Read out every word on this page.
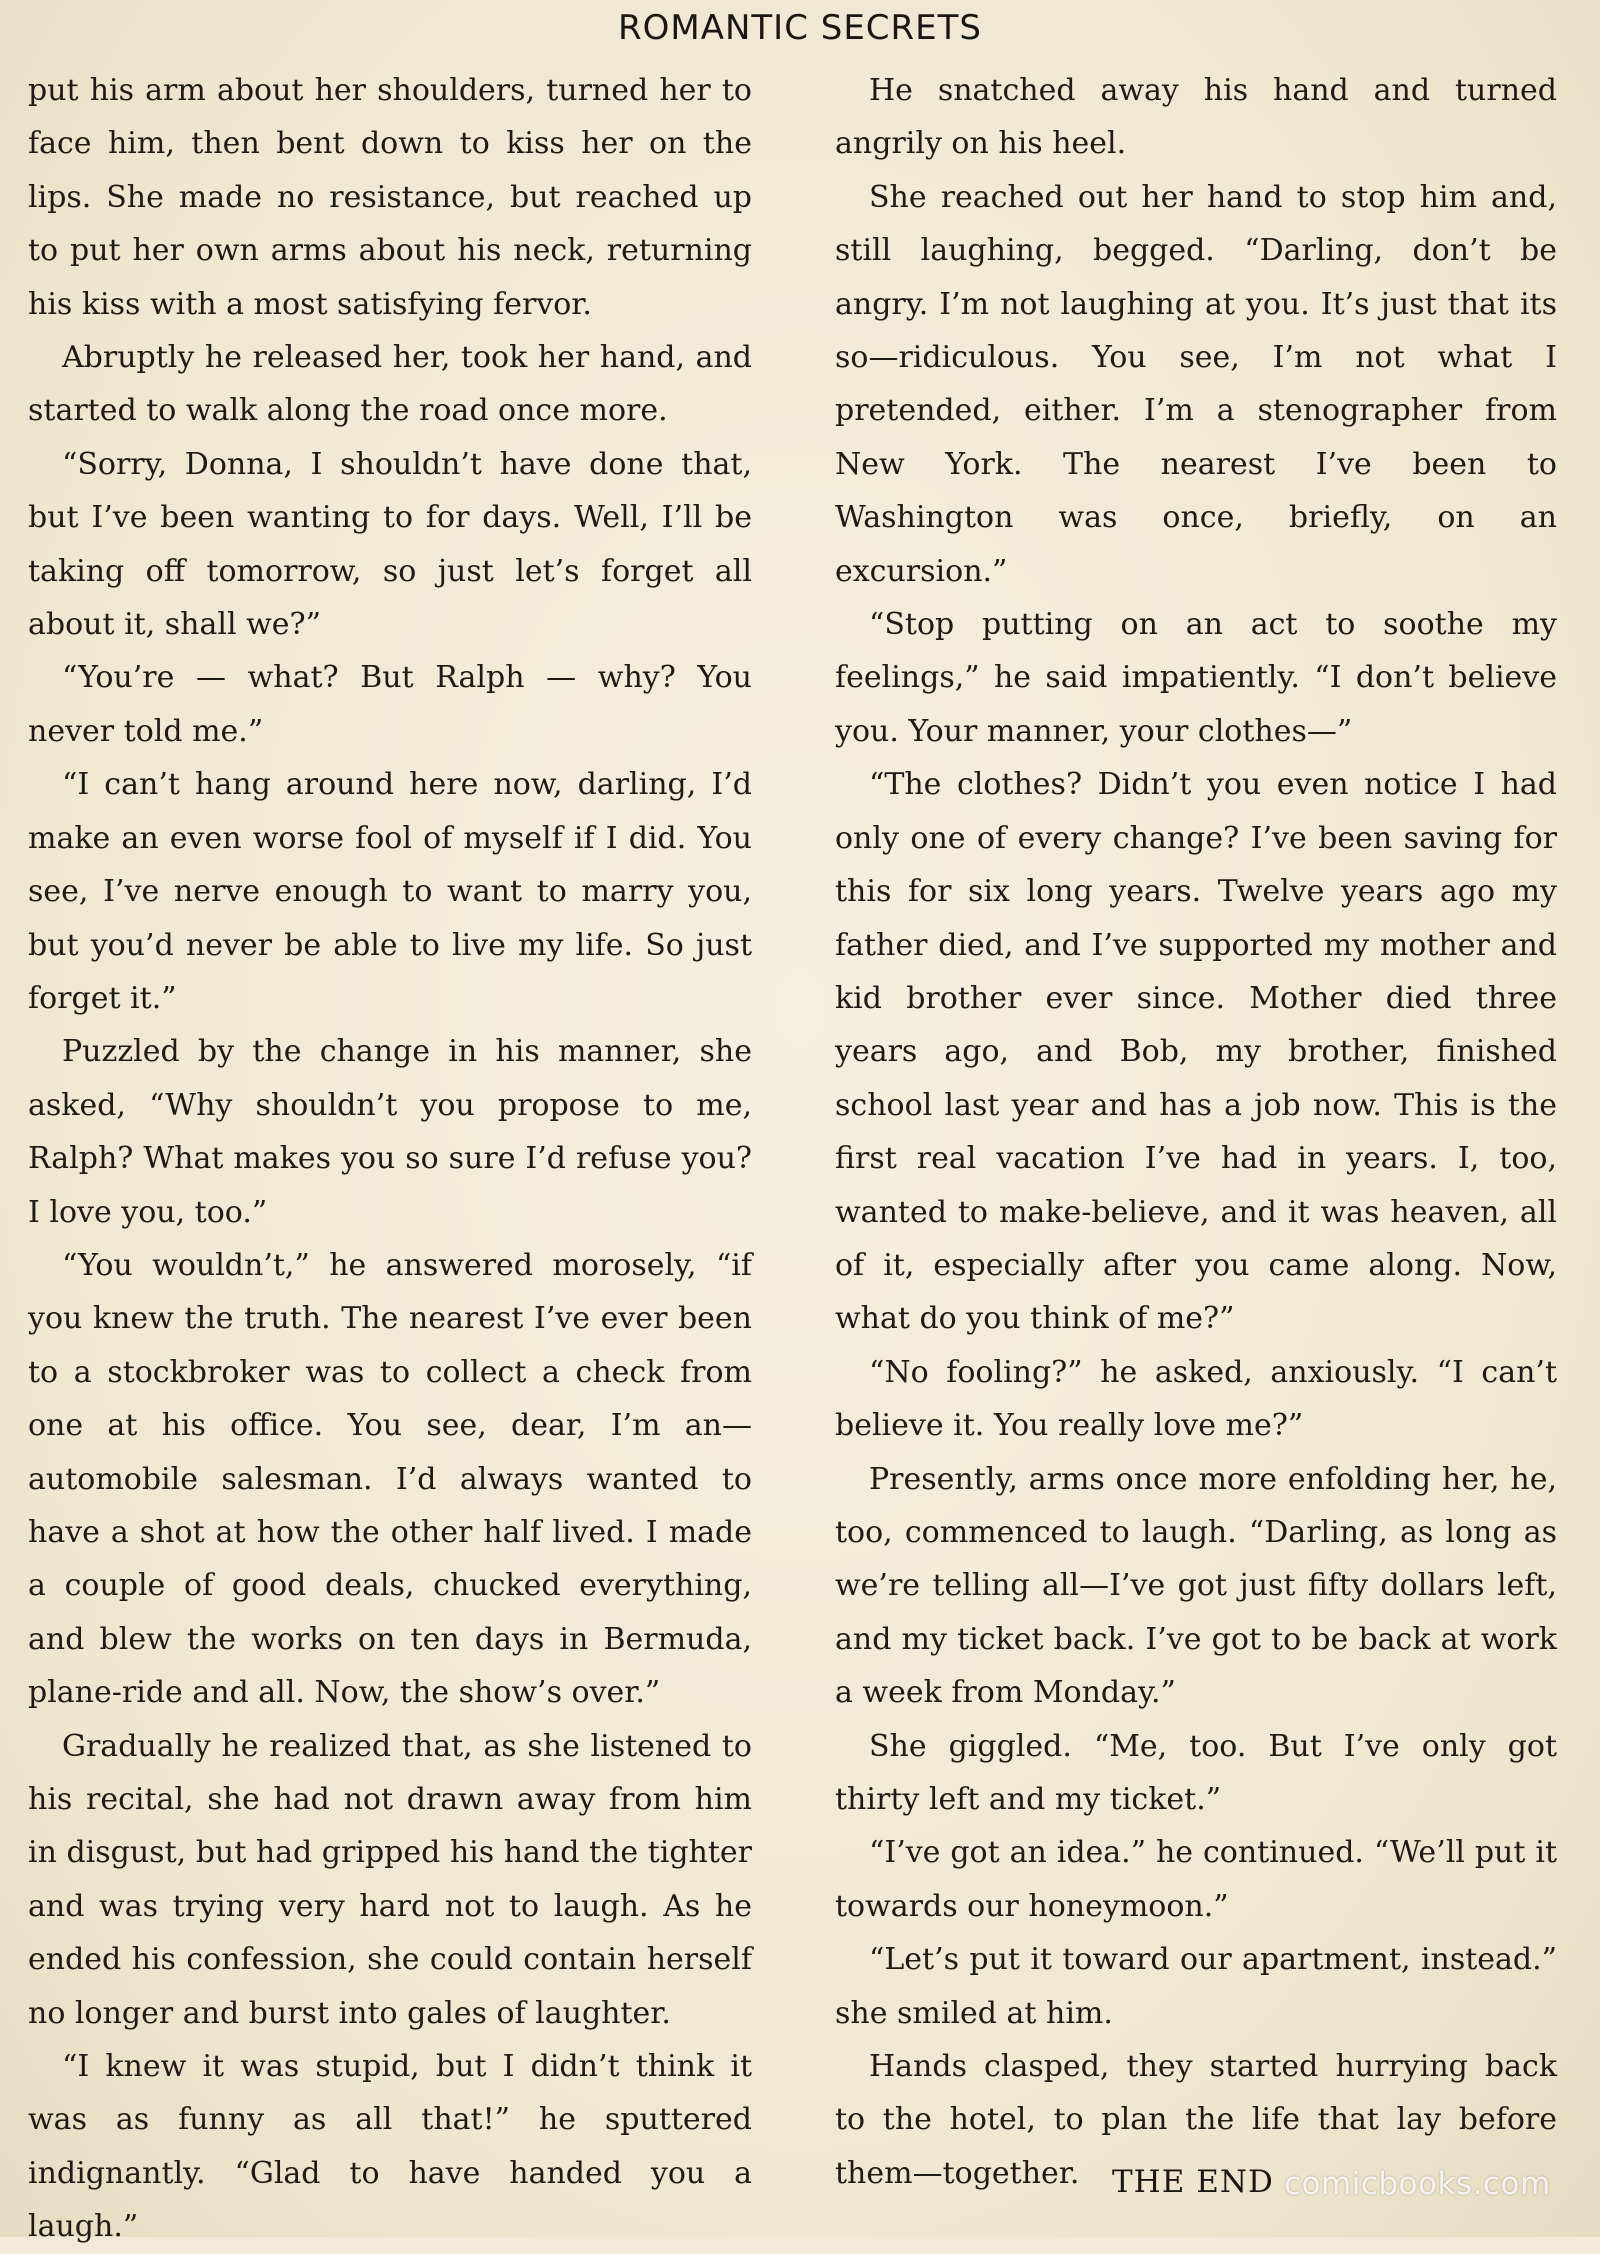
ROMANTIC SECRETS

put his arm about her shoulders, turned her to face him, then bent down to kiss her on the lips. She made no resistance, but reached up to put her own arms about his neck, returning his kiss with a most satisfying fervor.

Abruptly he released her, took her hand, and started to walk along the road once more.

“Sorry, Donna, I shouldn’t have done that, but I’ve been wanting to for days. Well, I’ll be taking off tomorrow, so just let’s forget all about it, shall we?”

“You’re — what? But Ralph — why? You never told me.”

“I can’t hang around here now, darling, I’d make an even worse fool of myself if I did. You see, I’ve nerve enough to want to marry you, but you’d never be able to live my life. So just forget it.”

Puzzled by the change in his manner, she asked, “Why shouldn’t you propose to me, Ralph? What makes you so sure I’d refuse you? I love you, too.”

“You wouldn’t,” he answered morosely, “if you knew the truth. The nearest I’ve ever been to a stockbroker was to collect a check from one at his office. You see, dear, I’m an— automobile salesman. I’d always wanted to have a shot at how the other half lived. I made a couple of good deals, chucked everything, and blew the works on ten days in Bermuda, plane-ride and all. Now, the show’s over.”

Gradually he realized that, as she listened to his recital, she had not drawn away from him in disgust, but had gripped his hand the tighter and was trying very hard not to laugh. As he ended his confession, she could contain herself no longer and burst into gales of laughter.

“I knew it was stupid, but I didn’t think it was as funny as all that!” he sputtered indignantly. “Glad to have handed you a laugh.”

He snatched away his hand and turned angrily on his heel.

She reached out her hand to stop him and, still laughing, begged. “Darling, don’t be angry. I’m not laughing at you. It’s just that its so—ridiculous. You see, I’m not what I pretended, either. I’m a stenographer from New York. The nearest I’ve been to Washington was once, briefly, on an excursion.”

“Stop putting on an act to soothe my feelings,” he said impatiently. “I don’t believe you. Your manner, your clothes—”

“The clothes? Didn’t you even notice I had only one of every change? I’ve been saving for this for six long years. Twelve years ago my father died, and I’ve supported my mother and kid brother ever since. Mother died three years ago, and Bob, my brother, finished school last year and has a job now. This is the first real vacation I’ve had in years. I, too, wanted to make-believe, and it was heaven, all of it, especially after you came along. Now, what do you think of me?”

“No fooling?” he asked, anxiously. “I can’t believe it. You really love me?”

Presently, arms once more enfolding her, he, too, commenced to laugh. “Darling, as long as we’re telling all—I’ve got just fifty dollars left, and my ticket back. I’ve got to be back at work a week from Monday.”

She giggled. “Me, too. But I’ve only got thirty left and my ticket.”

“I’ve got an idea.” he continued. “We’ll put it towards our honeymoon.”

“Let’s put it toward our apartment, instead.” she smiled at him.

Hands clasped, they started hurrying back to the hotel, to plan the life that lay before them—together.	THE END comicbooks.com
